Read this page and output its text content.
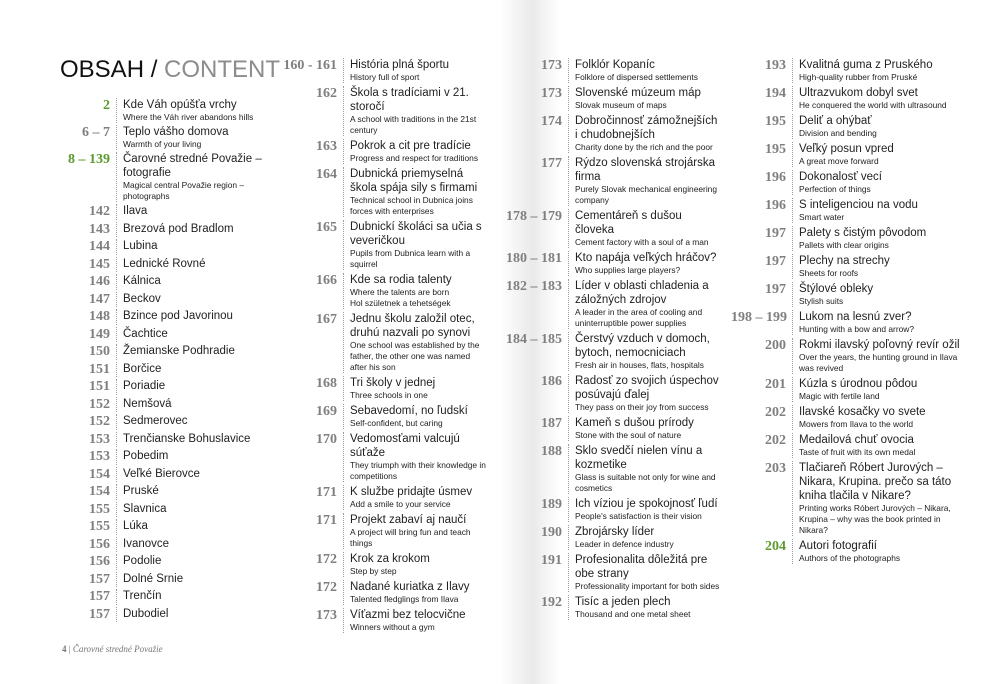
OBSAH / CONTENT
2	Kde Váh opúšťa vrchy
Where the Váh river abandons hills
6 – 7	Teplo vášho domova
Warmth of your living
8 – 139	Čarovné stredné Považie – fotografie
Magical central Považie region – photographs
142	Ilava
143	Brezová pod Bradlom
144	Lubina
145	Lednické Rovné
146	Kálnica
147	Beckov
148	Bzince pod Javorinou
149	Čachtice
150	Žemianske Podhradie
151	Borčice
151	Poriadie
152	Nemšová
152	Sedmerovec
153	Trenčianske Bohuslavice
153	Pobedim
154	Veľké Bierovce
154	Pruské
155	Slavnica
155	Lúka
156	Ivanovce
156	Podolie
157	Dolné Srnie
157	Trenčín
157	Dubodiel
160 - 161	História plná športu
History full of sport
162	Škola s tradíciami v 21. storočí
A school with traditions in the 21st century
163	Pokrok a cit pre tradície
Progress and respect for traditions
164	Dubnická priemyselná škola spája sily s firmami
Technical school in Dubnica joins forces with enterprises
165	Dubnickí školáci sa učia s veveričkou
Pupils from Dubnica learn with a squirrel
166	Kde sa rodia talenty
Where the talents are born
Hol születnek a tehetségek
167	Jednu školu založil otec, druhú nazvali po synovi
One school was established by the father, the other one was named after his son
168	Tri školy v jednej
Three schools in one
169	Sebavedomí, no ľudskí
Self-confident, but caring
170	Vedomosťami valcujú súťaže
They triumph with their knowledge in competitions
171	K službe pridajte úsmev
Add a smile to your service
171	Projekt zabaví aj naučí
A project will bring fun and teach things
172	Krok za krokom
Step by step
172	Nadané kuriatka z Ilavy
Talented fledglings from Ilava
173	Víťazmi bez telocvične
Winners without a gym
173	Folklór Kopaníc
Folklore of dispersed settlements
173	Slovenské múzeum máp
Slovak museum of maps
174	Dobročinnosť zámožnejších i chudobnejších
Charity done by the rich and the poor
177	Rýdzo slovenská strojárska firma
Purely Slovak mechanical engineering company
178 – 179	Cementáreň s dušou človeka
Cement factory with a soul of a man
180 – 181	Kto napája veľkých hráčov?
Who supplies large players?
182 – 183	Líder v oblasti chladenia a záložných zdrojov
A leader in the area of cooling and uninterruptible power supplies
184 – 185	Čerstvý vzduch v domoch, bytoch, nemocniciach
Fresh air in houses, flats, hospitals
186	Radosť zo svojich úspechov posúvajú ďalej
They pass on their joy from success
187	Kameň s dušou prírody
Stone with the soul of nature
188	Sklo svedčí nielen vínu a kozmetike
Glass is suitable not only for wine and cosmetics
189	Ich víziou je spokojnosť ľudí
People's satisfaction is their vision
190	Zbrojársky líder
Leader in defence industry
191	Profesionalita dôležitá pre obe strany
Professionality important for both sides
192	Tisíc a jeden plech
Thousand and one metal sheet
193	Kvalitná guma z Pruského
High-quality rubber from Pruské
194	Ultrazvukom dobyl svet
He conquered the world with ultrasound
195	Deliť a ohýbať
Division and bending
195	Veľký posun vpred
A great move forward
196	Dokonalosť vecí
Perfection of things
196	S inteligenciou na vodu
Smart water
197	Palety s čistým pôvodom
Pallets with clear origins
197	Plechy na strechy
Sheets for roofs
197	Štýlové obleky
Stylish suits
198 – 199	Lukom na lesnú zver?
Hunting with a bow and arrow?
200	Rokmi ilavský poľovný revír ožil
Over the years, the hunting ground in Ilava was revived
201	Kúzla s úrodnou pôdou
Magic with fertile land
202	Ilavské kosačky vo svete
Mowers from Ilava to the world
202	Medailová chuť ovocia
Taste of fruit with its own medal
203	Tlačiareň Róbert Jurových – Nikara, Krupina. prečo sa táto kniha tlačila v Nikare?
Printing works Róbert Jurových – Nikara, Krupina – why was the book printed in Nikara?
204	Autori fotografií
Authors of the photographs
4 | Čarovné stredné Považie
